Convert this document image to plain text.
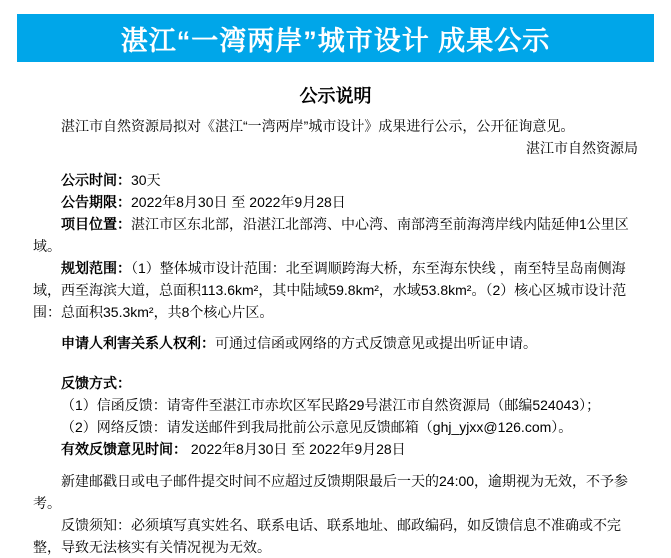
湛江“一湾两岸”城市设计 成果公示
公示说明

湛江市自然资源局拟对《湛江“一湾两岸”城市设计》成果进行公示，公开征询意见。

湛江市自然资源局

公示时间：30天

公告期限：2022年8月30日 至 2022年9月28日

项目位置：湛江市区东北部，沿湛江北部湾、中心湾、南部湾至前海湾岸线内陆延伸1公里区域。

规划范围：（1）整体城市设计范围：北至调顺跨海大桥，东至海东快线 ，南至特呈岛南侧海域，西至海滨大道，总面积113.6km²，其中陆域59.8km²，水域53.8km²。（2）核心区城市设计范围：总面积35.3km²，共8个核心片区。

申请人利害关系人权利：可通过信函或网络的方式反馈意见或提出听证申请。

反馈方式：

（1）信函反馈：请寄件至湛江市赤坎区军民路29号湛江市自然资源局（邮编524043）；

（2）网络反馈：请发送邮件到我局批前公示意见反馈邮箱（ghj_yjxx@126.com）。

有效反馈意见时间： 2022年8月30日 至 2022年9月28日

新建邮戳日或电子邮件提交时间不应超过反馈期限最后一天的24:00，逾期视为无效，不予参考。

反馈须知：必须填写真实姓名、联系电话、联系地址、邮政编码，如反馈信息不准确或不完整，导致无法核实有关情况视为无效。
